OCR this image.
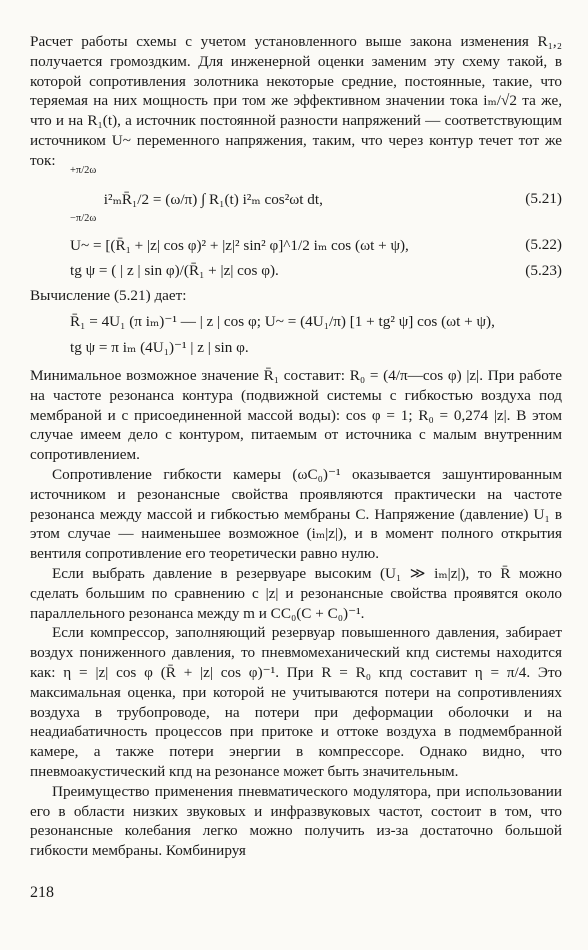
Расчет работы схемы с учетом установленного выше закона изменения R₁,₂ получается громоздким. Для инженерной оценки заменим эту схему такой, в которой сопротивления золотника некоторые средние, постоянные, такие, что теряемая на них мощность при том же эффективном значении тока iₘ/√2 та же, что и на R₁(t), а источник постоянной разности напряжений — соответствующим источником U~ переменного напряжения, таким, что через контур течет тот же ток:

+π/2ω
−π/2ω
i²ₘR̄₁/2 = (ω/π) ∫ R₁(t) i²ₘ cos²ωt dt,	(5.21)
U~ = [(R̄₁ + |z| cos φ)² + |z|² sin² φ]^1/2 iₘ cos (ωt + ψ),	(5.22)
tg ψ = ( | z | sin φ)/(R̄₁ + |z| cos φ).	(5.23)

Вычисление (5.21) дает:

R̄₁ = 4U₁ (π iₘ)⁻¹ — | z | cos φ; U~ = (4U₁/π) [1 + tg² ψ] cos (ωt + ψ),
tg ψ = π iₘ (4U₁)⁻¹ | z | sin φ.

Минимальное возможное значение R̄₁ составит: R₀ = (4/π—cos φ) |z|. При работе на частоте резонанса контура (подвижной системы с гибкостью воздуха под мембраной и с присоединенной массой воды): cos φ = 1; R₀ = 0,274 |z|. В этом случае имеем дело с контуром, питаемым от источника с малым внутренним сопротивлением.

Сопротивление гибкости камеры (ωC₀)⁻¹ оказывается зашунтированным источником и резонансные свойства проявляются практически на частоте резонанса между массой и гибкостью мембраны C. Напряжение (давление) U₁ в этом случае — наименьшее возможное (iₘ|z|), и в момент полного открытия вентиля сопротивление его теоретически равно нулю.

Если выбрать давление в резервуаре высоким (U₁ ≫ iₘ|z|), то R̄ можно сделать большим по сравнению с |z| и резонансные свойства проявятся около параллельного резонанса между m и CC₀(C + C₀)⁻¹.

Если компрессор, заполняющий резервуар повышенного давления, забирает воздух пониженного давления, то пневмомеханический кпд системы находится как: η = |z| cos φ (R̄ + |z| cos φ)⁻¹. При R = R₀ кпд составит η = π/4. Это максимальная оценка, при которой не учитываются потери на сопротивлениях воздуха в трубопроводе, на потери при деформации оболочки и на неадиабатичность процессов при притоке и оттоке воздуха в подмембранной камере, а также потери энергии в компрессоре. Однако видно, что пневмоакустический кпд на резонансе может быть значительным.

Преимущество применения пневматического модулятора, при использовании его в области низких звуковых и инфразвуковых частот, состоит в том, что резонансные колебания легко можно получить из-за достаточно большой гибкости мембраны. Комбинируя

218
